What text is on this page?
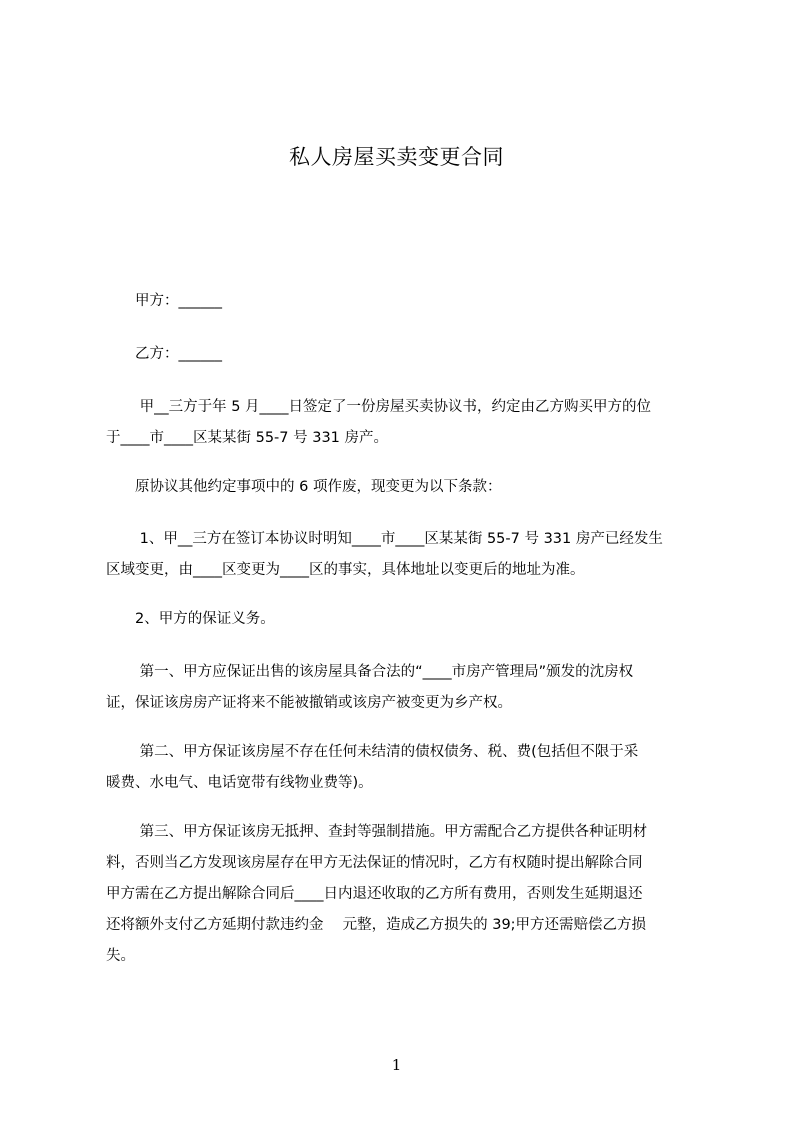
私人房屋买卖变更合同

　　甲方：______

　　乙方：______

　　 甲__三方于年 5 月____日签定了一份房屋买卖协议书，约定由乙方购买甲方的位
于____市____区某某街 55-7 号 331 房产。

　　原协议其他约定事项中的 6 项作废，现变更为以下条款：

　　 1、甲__三方在签订本协议时明知____市____区某某街 55-7 号 331 房产已经发生
区域变更，由____区变更为____区的事实，具体地址以变更后的地址为准。

　　2、甲方的保证义务。

　　 第一、甲方应保证出售的该房屋具备合法的“____市房产管理局”颁发的沈房权
证，保证该房房产证将来不能被撤销或该房产被变更为乡产权。

　　 第二、甲方保证该房屋不存在任何未结清的债权债务、税、费(包括但不限于采
暖费、水电气、电话宽带有线物业费等)。

　　 第三、甲方保证该房无抵押、查封等强制措施。甲方需配合乙方提供各种证明材
料，否则当乙方发现该房屋存在甲方无法保证的情况时，乙方有权随时提出解除合同
甲方需在乙方提出解除合同后____日内退还收取的乙方所有费用，否则发生延期退还
还将额外支付乙方延期付款违约金　 元整，造成乙方损失的 39;甲方还需赔偿乙方损
失。

1
